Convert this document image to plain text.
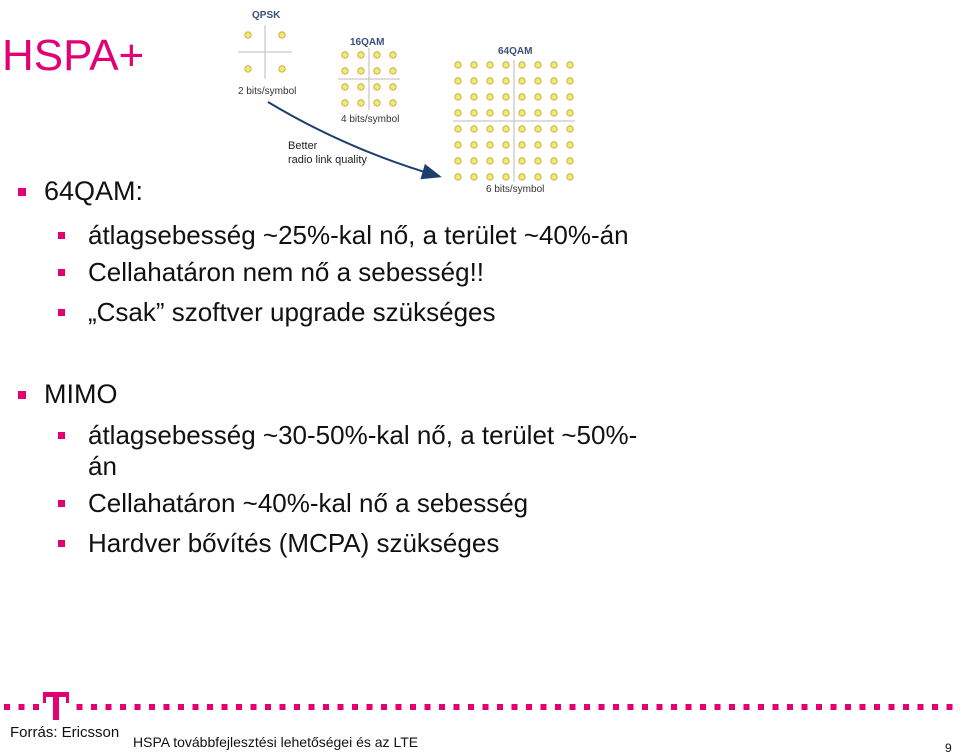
HSPA+
QPSK
2 bits/symbol
16QAM
4 bits/symbol
64QAM
6 bits/symbol
Better
radio link quality
64QAM:
átlagsebesség ~25%-kal nő, a terület ~40%-án
Cellahatáron nem nő a sebesség!!
„Csak” szoftver upgrade szükséges
MIMO
átlagsebesség ~30-50%-kal nő, a terület ~50%-
án
Cellahatáron ~40%-kal nő a sebesség
Hardver bővítés (MCPA) szükséges
Forrás: Ericsson
HSPA továbbfejlesztési lehetőségei és az LTE	9
